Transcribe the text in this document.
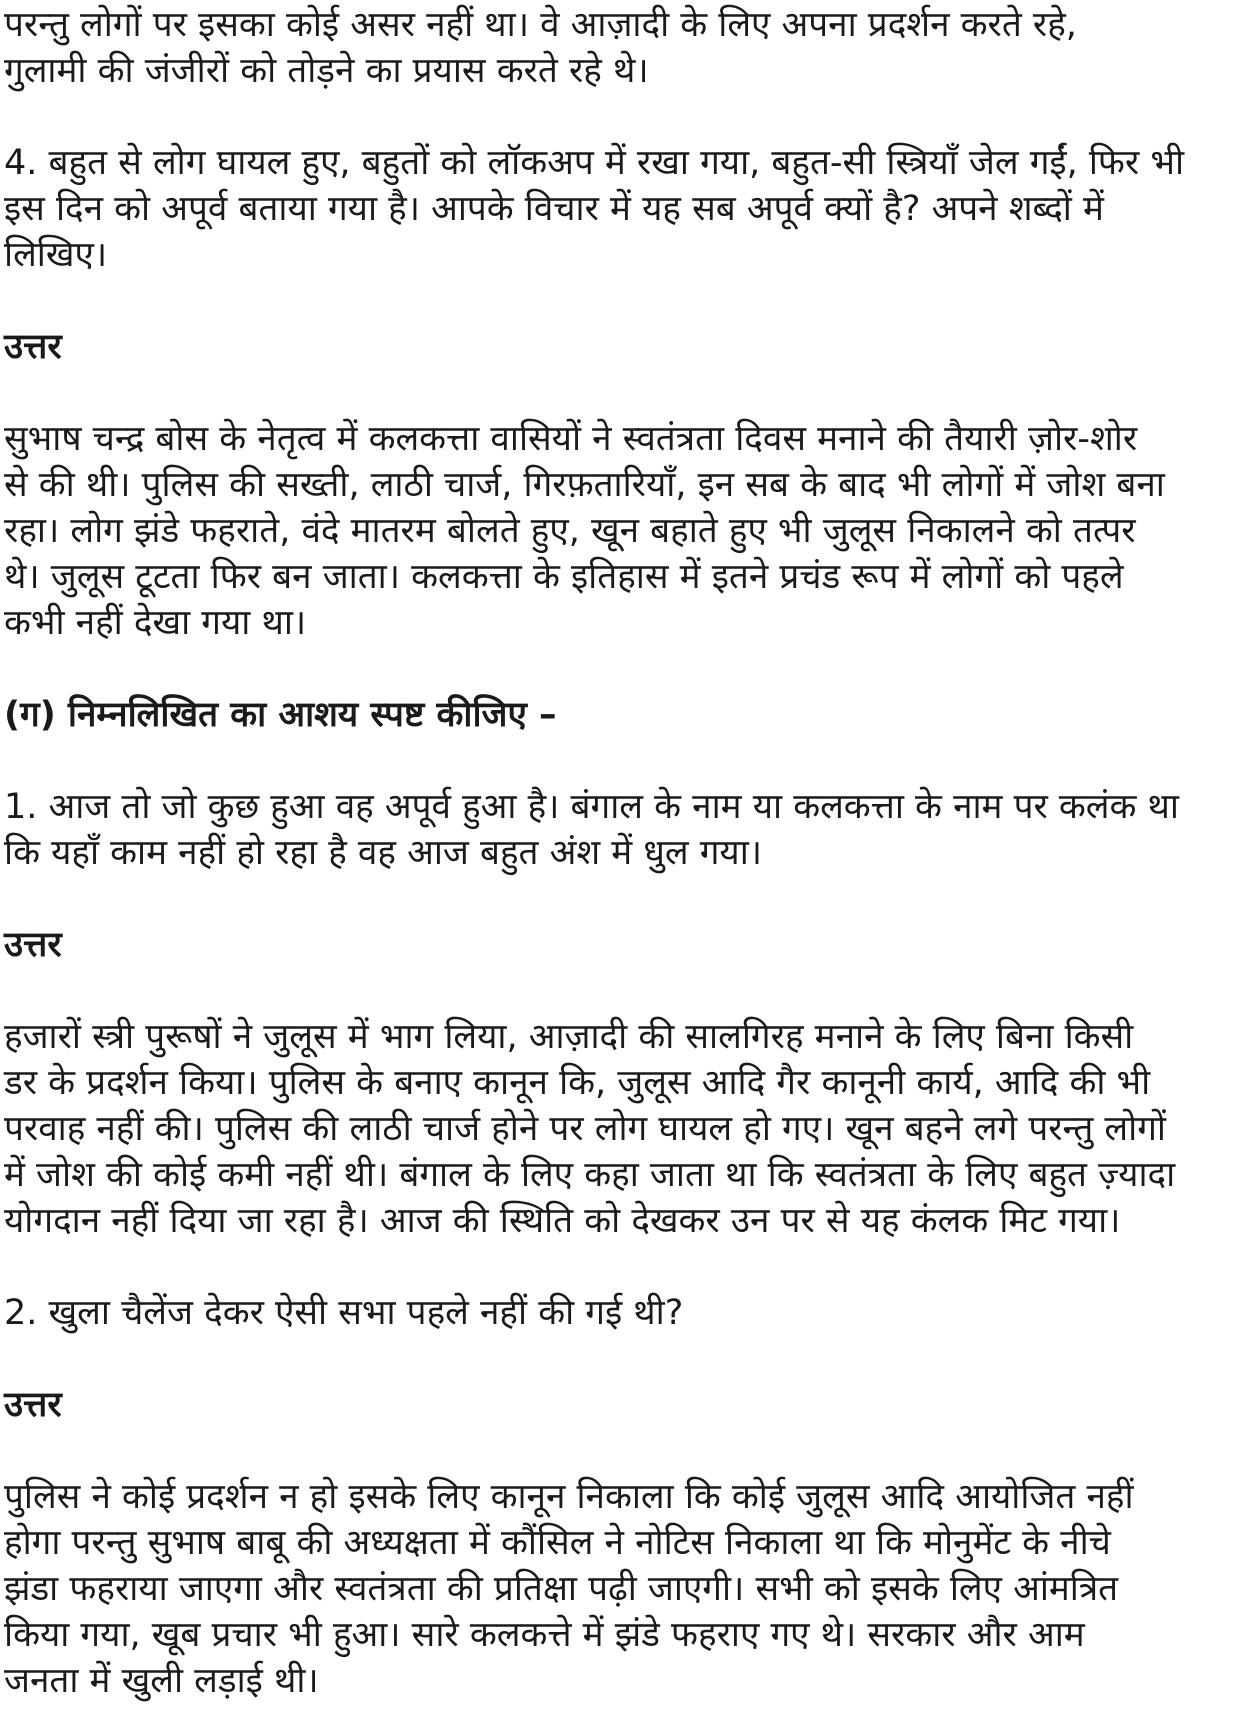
परन्तु लोगों पर इसका कोई असर नहीं था। वे आज़ादी के लिए अपना प्रदर्शन करते रहे,
गुलामी की जंजीरों को तोड़ने का प्रयास करते रहे थे।

4. बहुत से लोग घायल हुए, बहुतों को लॉकअप में रखा गया, बहुत-सी स्त्रियाँ जेल गईं, फिर भी
इस दिन को अपूर्व बताया गया है। आपके विचार में यह सब अपूर्व क्यों है? अपने शब्दों में
लिखिए।

उत्तर

सुभाष चन्द्र बोस के नेतृत्व में कलकत्ता वासियों ने स्वतंत्रता दिवस मनाने की तैयारी ज़ोर-शोर
से की थी। पुलिस की सख्ती, लाठी चार्ज, गिरफ़तारियाँ, इन सब के बाद भी लोगों में जोश बना
रहा। लोग झंडे फहराते, वंदे मातरम बोलते हुए, खून बहाते हुए भी जुलूस निकालने को तत्पर
थे। जुलूस टूटता फिर बन जाता। कलकत्ता के इतिहास में इतने प्रचंड रूप में लोगों को पहले
कभी नहीं देखा गया था।

(ग) निम्नलिखित का आशय स्पष्ट कीजिए –

1. आज तो जो कुछ हुआ वह अपूर्व हुआ है। बंगाल के नाम या कलकत्ता के नाम पर कलंक था
कि यहाँ काम नहीं हो रहा है वह आज बहुत अंश में धुल गया।

उत्तर

हजारों स्त्री पुरूषों ने जुलूस में भाग लिया, आज़ादी की सालगिरह मनाने के लिए बिना किसी
डर के प्रदर्शन किया। पुलिस के बनाए कानून कि, जुलूस आदि गैर कानूनी कार्य, आदि की भी
परवाह नहीं की। पुलिस की लाठी चार्ज होने पर लोग घायल हो गए। खून बहने लगे परन्तु लोगों
में जोश की कोई कमी नहीं थी। बंगाल के लिए कहा जाता था कि स्वतंत्रता के लिए बहुत ज़्यादा
योगदान नहीं दिया जा रहा है। आज की स्थिति को देखकर उन पर से यह कंलक मिट गया।

2. खुला चैलेंज देकर ऐसी सभा पहले नहीं की गई थी?

उत्तर

पुलिस ने कोई प्रदर्शन न हो इसके लिए कानून निकाला कि कोई जुलूस आदि आयोजित नहीं
होगा परन्तु सुभाष बाबू की अध्यक्षता में कौंसिल ने नोटिस निकाला था कि मोनुमेंट के नीचे
झंडा फहराया जाएगा और स्वतंत्रता की प्रतिक्षा पढ़ी जाएगी। सभी को इसके लिए आंमत्रित
किया गया, खूब प्रचार भी हुआ। सारे कलकत्ते में झंडे फहराए गए थे। सरकार और आम
जनता में खुली लड़ाई थी।
